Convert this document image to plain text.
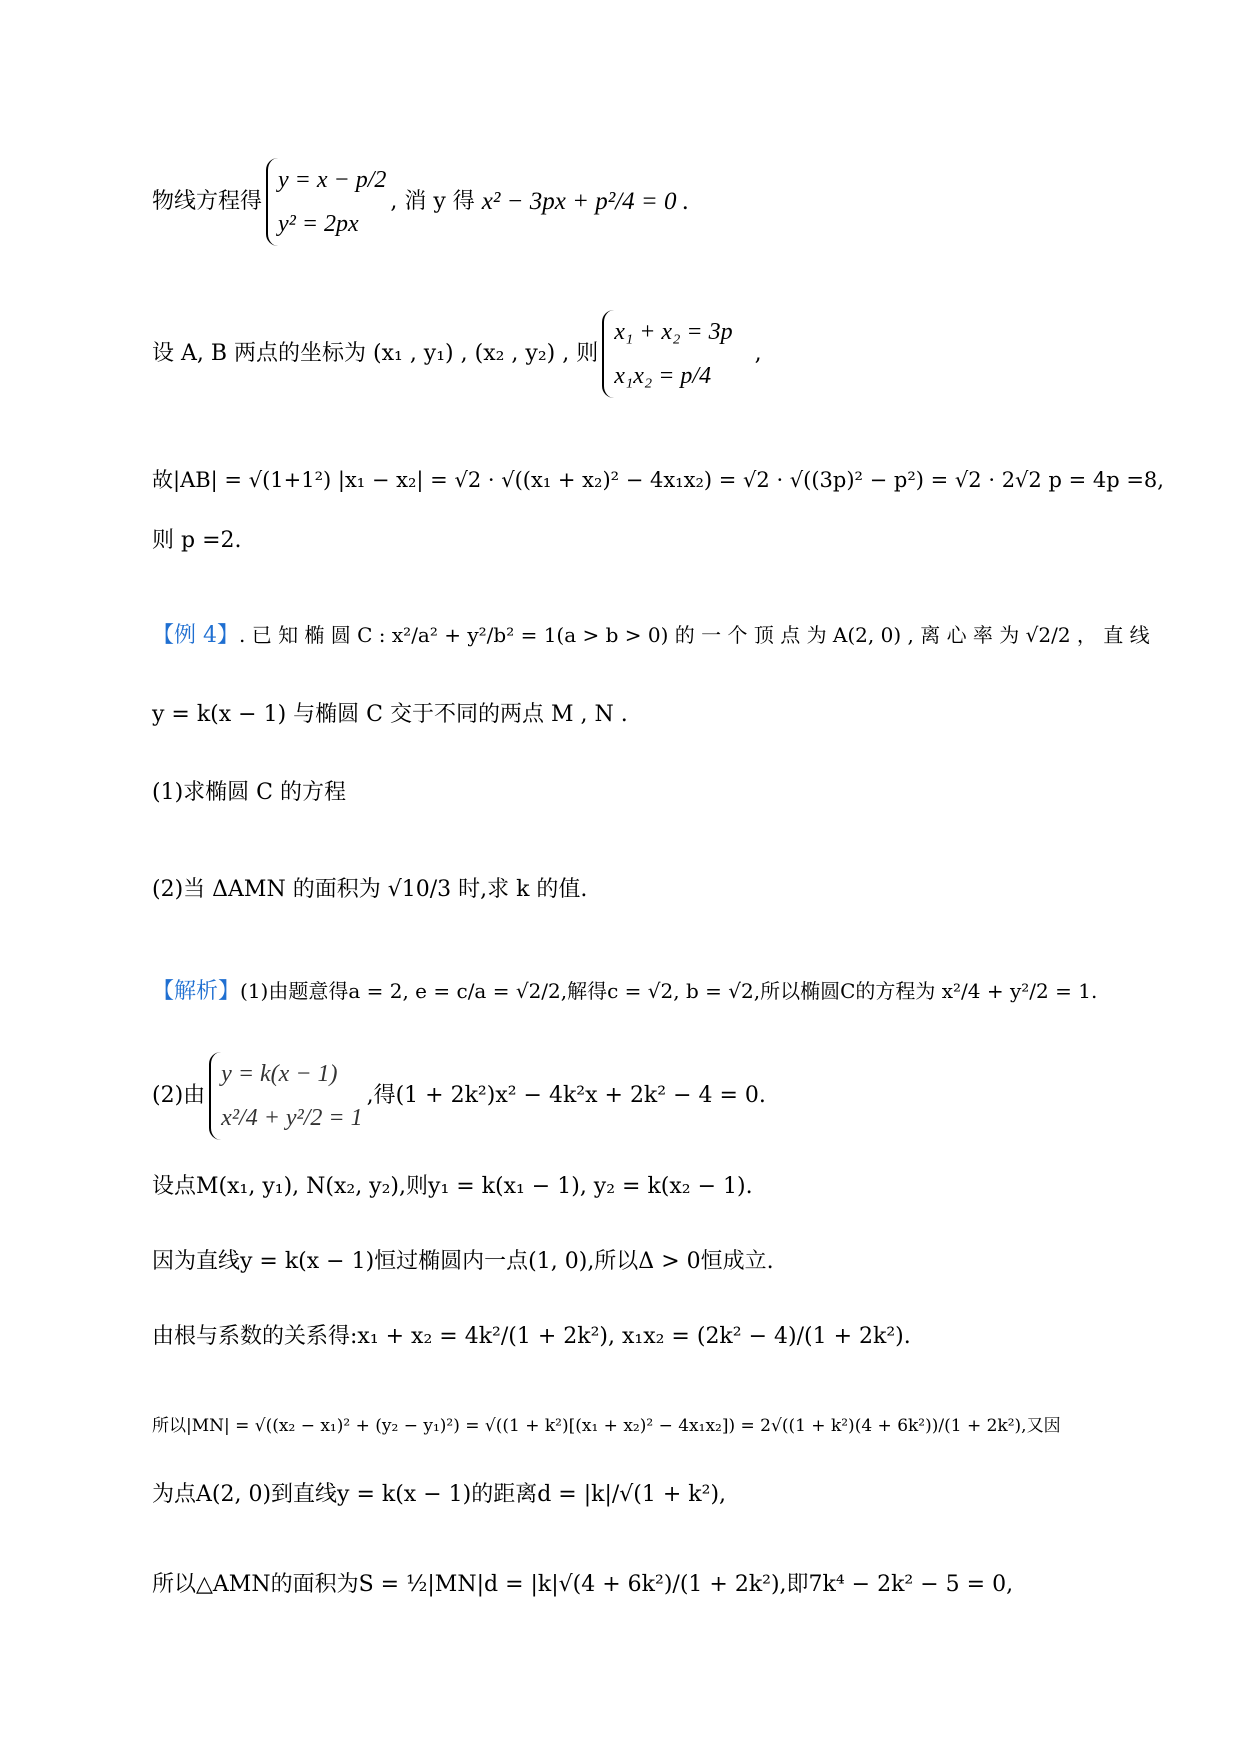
物线方程得
y = x − p/2
y² = 2px
, 消 y 得 x² − 3px + p²/4 = 0 .
设 A, B 两点的坐标为 (x₁ , y₁) , (x₂ , y₂) , 则
x₁ + x₂ = 3p
x₁x₂ = p/4
,
故|AB| = √(1+1²) |x₁ − x₂| = √2 · √((x₁ + x₂)² − 4x₁x₂) = √2 · √((3p)² − p²) = √2 · 2√2 p = 4p =8,
则 p =2.
【例 4】. 已 知 椭 圆 C : x²/a² + y²/b² = 1(a > b > 0) 的 一 个 顶 点 为 A(2, 0) , 离 心 率 为 √2/2 ， 直 线
y = k(x − 1) 与椭圆 C 交于不同的两点 M , N .
(1)求椭圆 C 的方程
(2)当 ΔAMN 的面积为 √10/3 时,求 k 的值.
【解析】(1)由题意得a = 2, e = c/a = √2/2,解得c = √2, b = √2,所以椭圆C的方程为 x²/4 + y²/2 = 1.
(2)由
y = k(x − 1)
x²/4 + y²/2 = 1
,得(1 + 2k²)x² − 4k²x + 2k² − 4 = 0.
设点M(x₁, y₁), N(x₂, y₂),则y₁ = k(x₁ − 1), y₂ = k(x₂ − 1).
因为直线y = k(x − 1)恒过椭圆内一点(1, 0),所以Δ > 0恒成立.
由根与系数的关系得:x₁ + x₂ = 4k²/(1 + 2k²), x₁x₂ = (2k² − 4)/(1 + 2k²).
所以|MN| = √((x₂ − x₁)² + (y₂ − y₁)²) = √((1 + k²)[(x₁ + x₂)² − 4x₁x₂]) = 2√((1 + k²)(4 + 6k²))/(1 + 2k²),又因
为点A(2, 0)到直线y = k(x − 1)的距离d = |k|/√(1 + k²),
所以△AMN的面积为S = ½|MN|d = |k|√(4 + 6k²)/(1 + 2k²),即7k⁴ − 2k² − 5 = 0,
